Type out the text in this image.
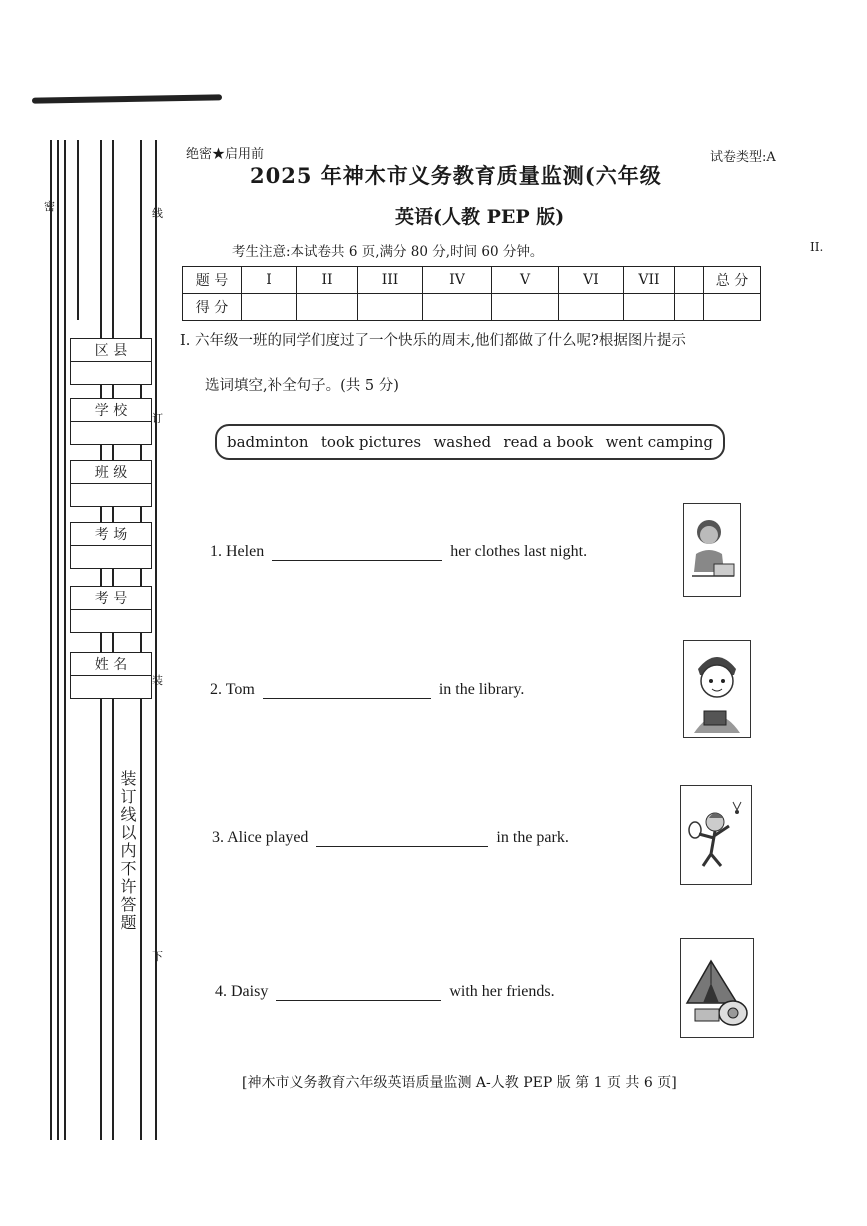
密
线
订
装
下
区 县
学 校
班 级
考 场
考 号
姓 名
装订线以内不许答题
绝密★启用前	试卷类型:A
2025 年神木市义务教育质量监测(六年级
英语(人教 PEP 版)
考生注意:本试卷共 6 页,满分 80 分,时间 60 分钟。	II.
题 号	I	II	III	IV	V	VI	VII		总 分
得 分									
I. 六年级一班的同学们度过了一个快乐的周末,他们都做了什么呢?根据图片提示
选词填空,补全句子。(共 5 分)
badminton took pictures washed read a book went camping
1. Helen	her clothes last night.
2. Tom	in the library.
3. Alice played	in the park.
4. Daisy	with her friends.
[神木市义务教育六年级英语质量监测 A-人教 PEP 版 第 1 页 共 6 页]
